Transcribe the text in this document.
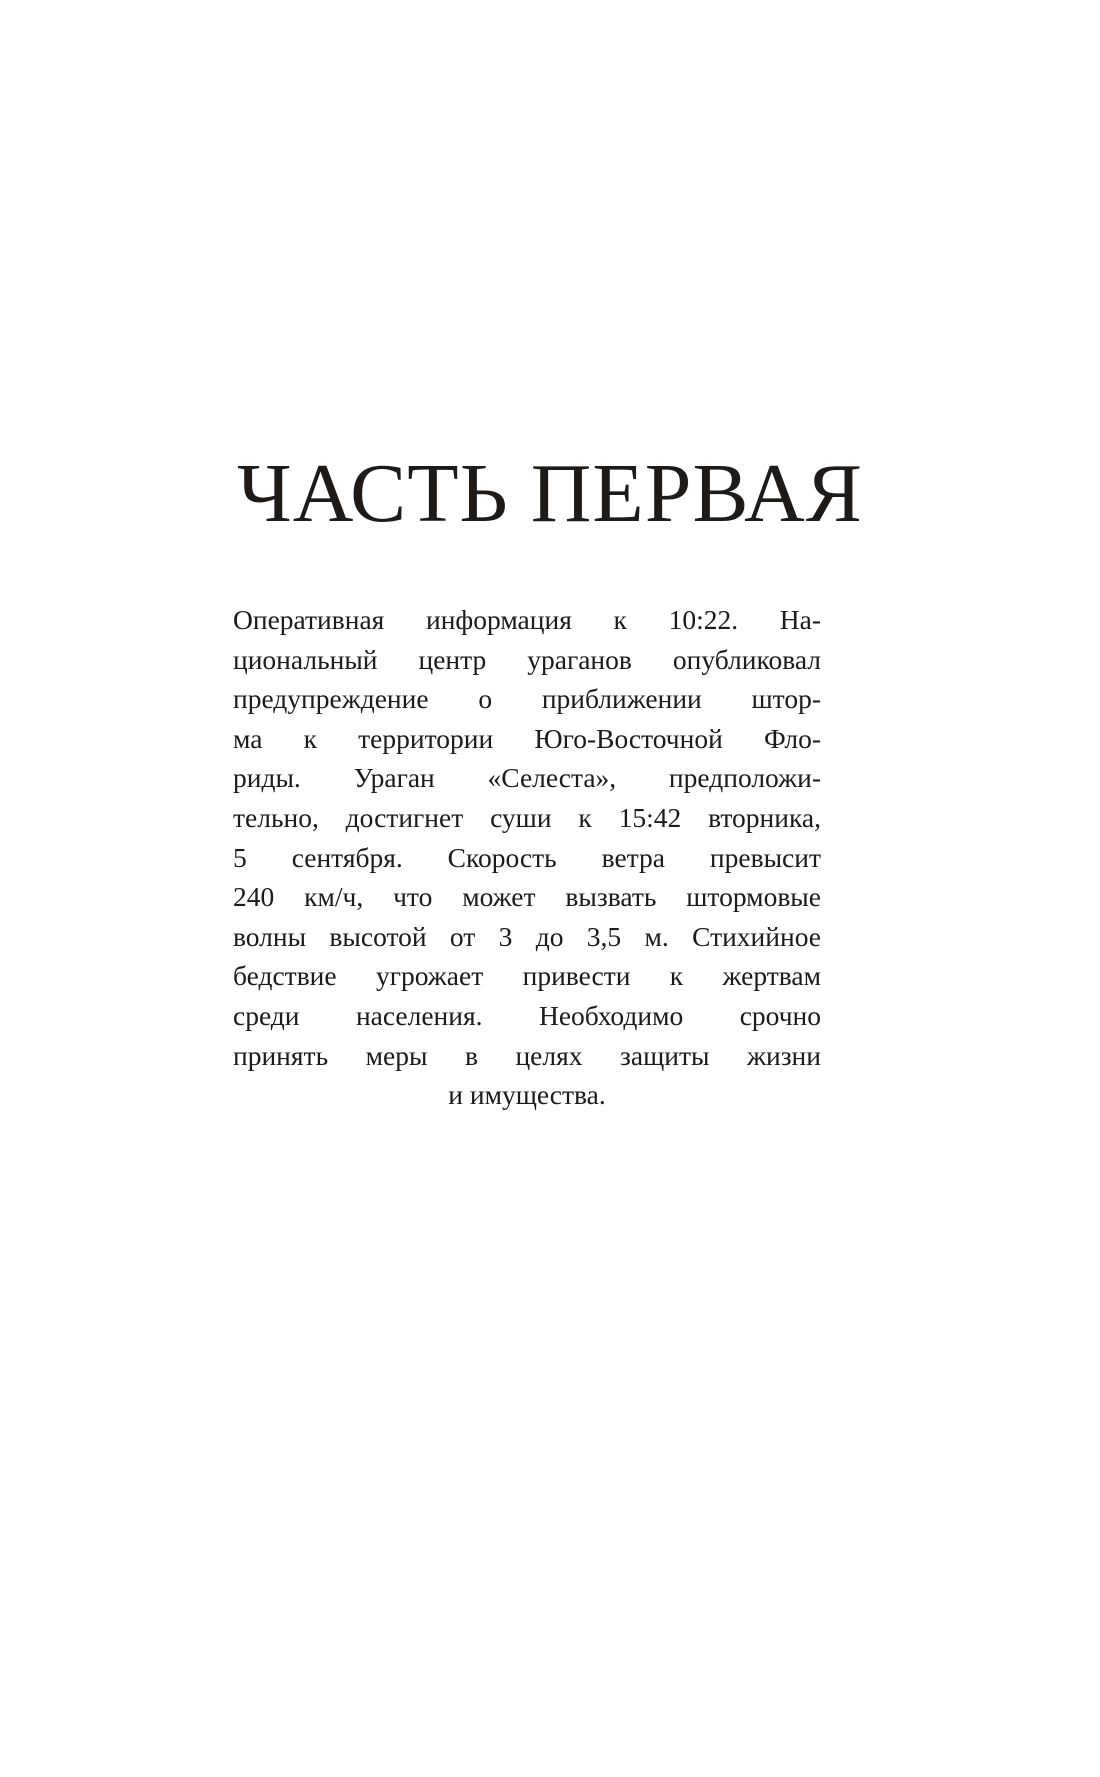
ЧАСТЬ ПЕРВАЯ
Оперативная информация к 10:22. На-
циональный центр ураганов опубликовал
предупреждение о приближении штор-
ма к территории Юго-Восточной Фло-
риды. Ураган «Селеста», предположи-
тельно, достигнет суши к 15:42 вторника,
5 сентября. Скорость ветра превысит
240 км/ч, что может вызвать штормовые
волны высотой от 3 до 3,5 м. Стихийное
бедствие угрожает привести к жертвам
среди населения. Необходимо срочно
принять меры в целях защиты жизни
и имущества.
